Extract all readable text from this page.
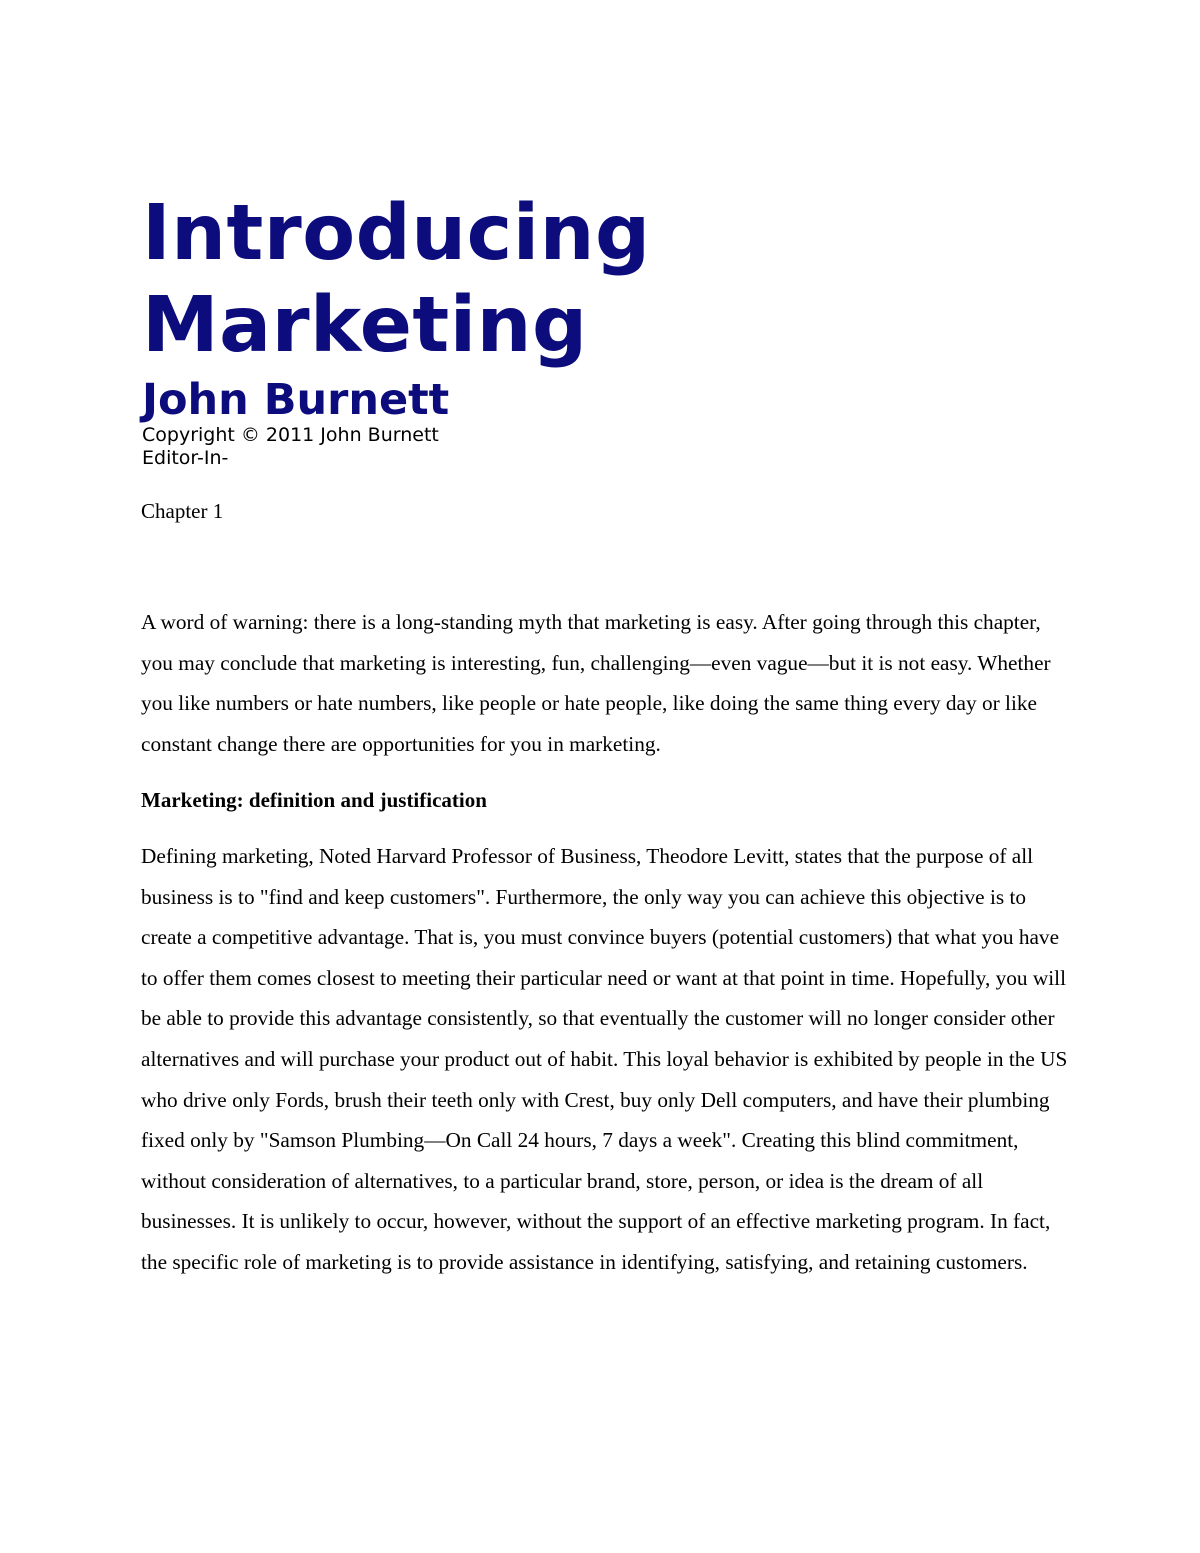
Introducing
Marketing
John Burnett
Copyright © 2011 John Burnett
Editor-In-
Chapter 1

A word of warning: there is a long-standing myth that marketing is easy. After going through this chapter, you may conclude that marketing is interesting, fun, challenging—even vague—but it is not easy. Whether you like numbers or hate numbers, like people or hate people, like doing the same thing every day or like constant change there are opportunities for you in marketing.

Marketing: definition and justification

Defining marketing, Noted Harvard Professor of Business, Theodore Levitt, states that the purpose of all business is to "find and keep customers". Furthermore, the only way you can achieve this objective is to create a competitive advantage. That is, you must convince buyers (potential customers) that what you have to offer them comes closest to meeting their particular need or want at that point in time. Hopefully, you will be able to provide this advantage consistently, so that eventually the customer will no longer consider other alternatives and will purchase your product out of habit. This loyal behavior is exhibited by people in the US who drive only Fords, brush their teeth only with Crest, buy only Dell computers, and have their plumbing fixed only by "Samson Plumbing—On Call 24 hours, 7 days a week". Creating this blind commitment, without consideration of alternatives, to a particular brand, store, person, or idea is the dream of all businesses. It is unlikely to occur, however, without the support of an effective marketing program. In fact, the specific role of marketing is to provide assistance in identifying, satisfying, and retaining customers.
